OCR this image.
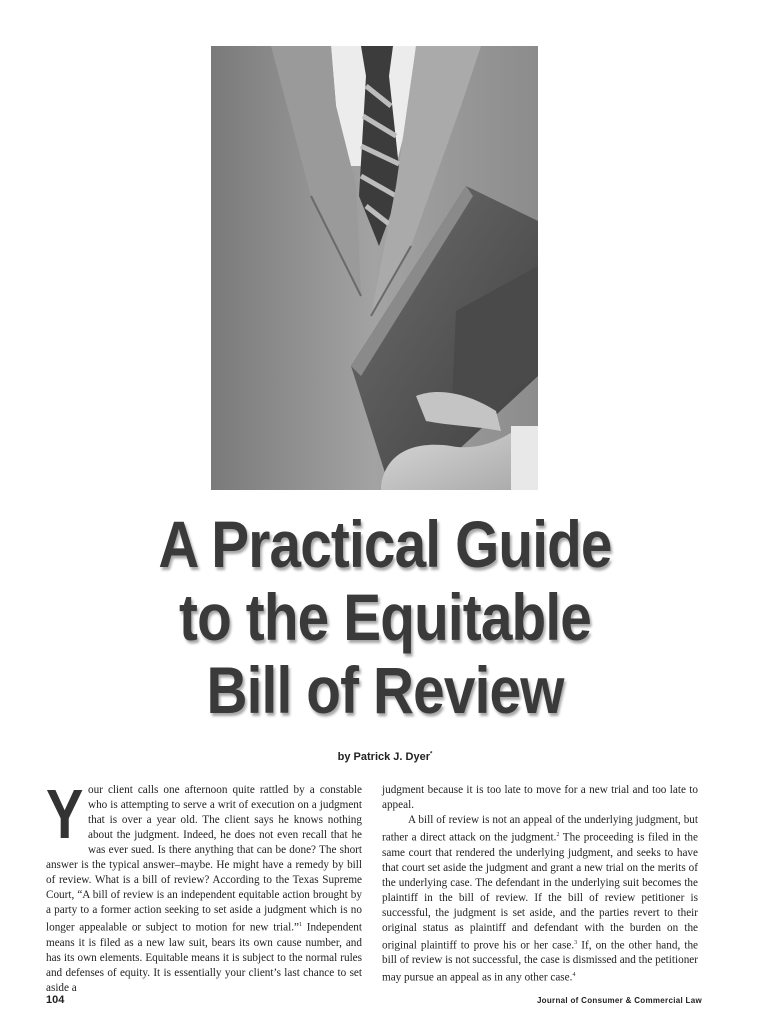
A Practical Guide
to the Equitable
Bill of Review
by Patrick J. Dyer*

Your client calls one afternoon quite rattled by a constable who is attempting to serve a writ of execution on a judgment that is over a year old. The client says he knows nothing about the judgment. Indeed, he does not even recall that he was ever sued. Is there anything that can be done? The short answer is the typical answer–maybe. He might have a remedy by bill of review. What is a bill of review? According to the Texas Supreme Court, “A bill of review is an independent equitable action brought by a party to a former action seeking to set aside a judgment which is no longer appealable or subject to motion for new trial.”$^1$ Independent means it is filed as a new law suit, bears its own cause number, and has its own elements. Equitable means it is subject to the normal rules and defenses of equity. It is essentially your client’s last chance to set aside a

judgment because it is too late to move for a new trial and too late to appeal.

A bill of review is not an appeal of the underlying judgment, but rather a direct attack on the judgment.$^2$ The proceeding is filed in the same court that rendered the underlying judgment, and seeks to have that court set aside the judgment and grant a new trial on the merits of the underlying case. The defendant in the underlying suit becomes the plaintiff in the bill of review. If the bill of review petitioner is successful, the judgment is set aside, and the parties revert to their original status as plaintiff and defendant with the burden on the original plaintiff to prove his or her case.$^3$ If, on the other hand, the bill of review is not successful, the case is dismissed and the petitioner may pursue an appeal as in any other case.$^4$

104	Journal of Consumer & Commercial Law
